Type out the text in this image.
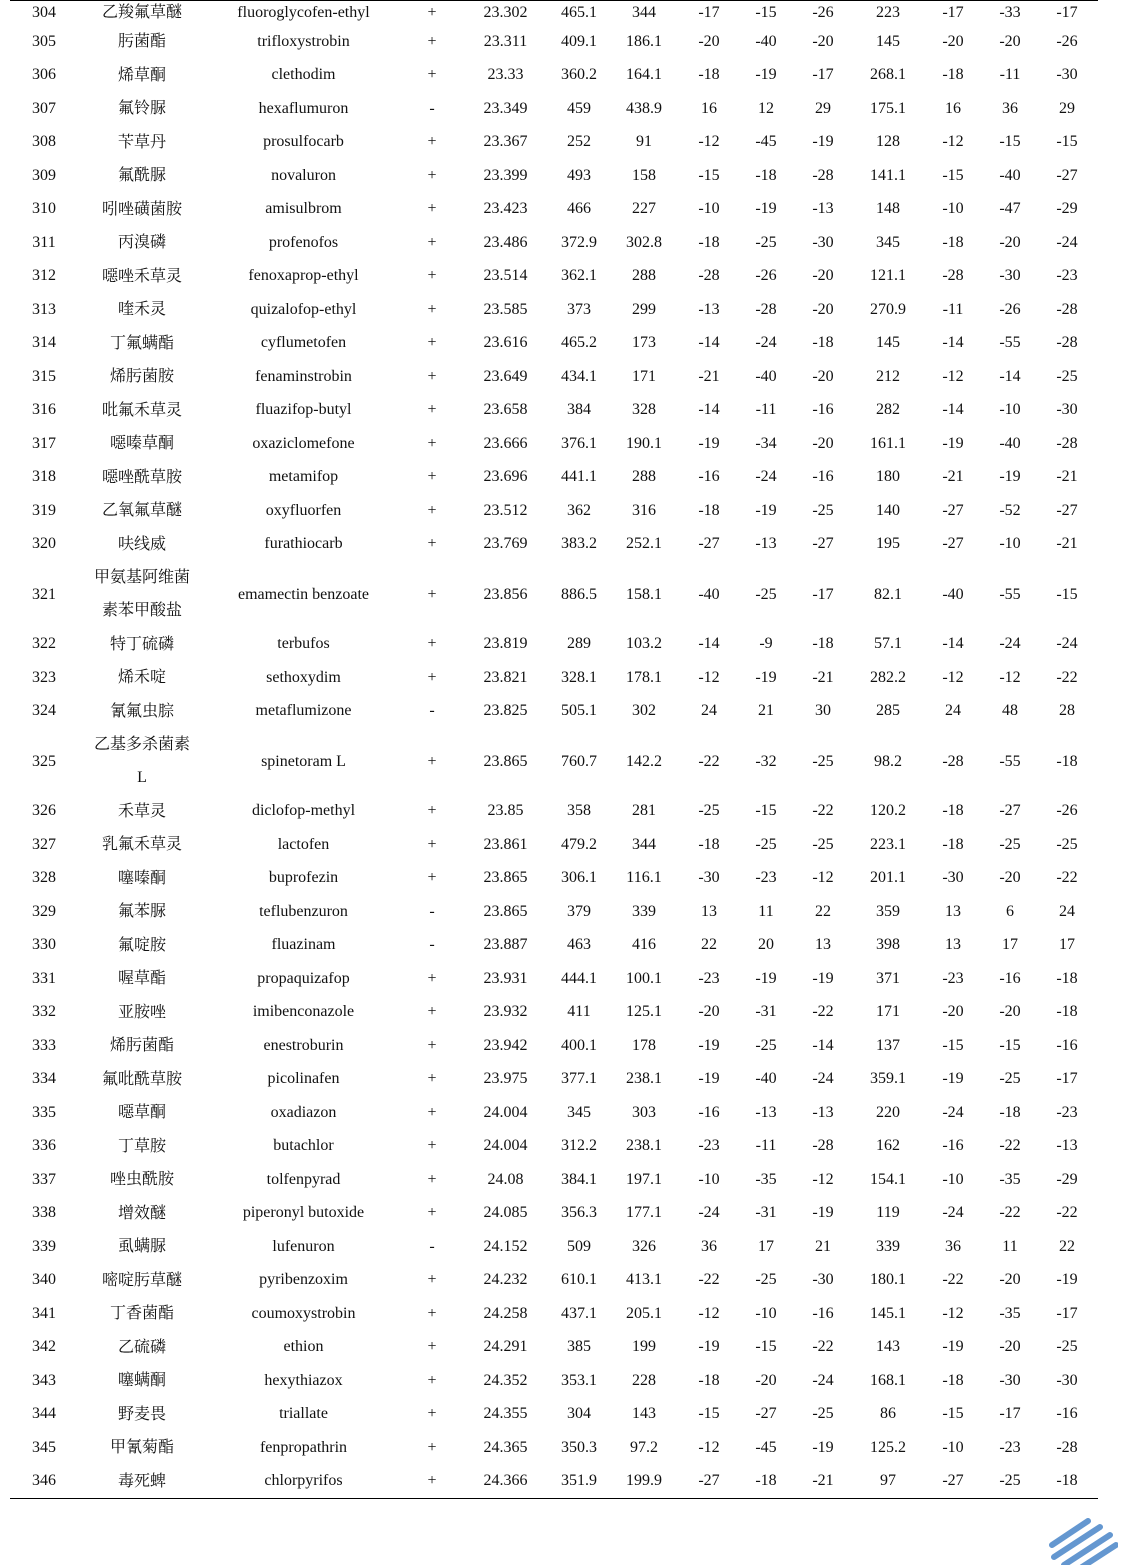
304	乙羧氟草醚	fluoroglycofen-ethyl	+	23.302	465.1	344	-17	-15	-26	223	-17	-33	-17
305	肟菌酯	trifloxystrobin	+	23.311	409.1	186.1	-20	-40	-20	145	-20	-20	-26
306	烯草酮	clethodim	+	23.33	360.2	164.1	-18	-19	-17	268.1	-18	-11	-30
307	氟铃脲	hexaflumuron	-	23.349	459	438.9	16	12	29	175.1	16	36	29
308	苄草丹	prosulfocarb	+	23.367	252	91	-12	-45	-19	128	-12	-15	-15
309	氟酰脲	novaluron	+	23.399	493	158	-15	-18	-28	141.1	-15	-40	-27
310	吲唑磺菌胺	amisulbrom	+	23.423	466	227	-10	-19	-13	148	-10	-47	-29
311	丙溴磷	profenofos	+	23.486	372.9	302.8	-18	-25	-30	345	-18	-20	-24
312	噁唑禾草灵	fenoxaprop-ethyl	+	23.514	362.1	288	-28	-26	-20	121.1	-28	-30	-23
313	喹禾灵	quizalofop-ethyl	+	23.585	373	299	-13	-28	-20	270.9	-11	-26	-28
314	丁氟螨酯	cyflumetofen	+	23.616	465.2	173	-14	-24	-18	145	-14	-55	-28
315	烯肟菌胺	fenaminstrobin	+	23.649	434.1	171	-21	-40	-20	212	-12	-14	-25
316	吡氟禾草灵	fluazifop-butyl	+	23.658	384	328	-14	-11	-16	282	-14	-10	-30
317	噁嗪草酮	oxaziclomefone	+	23.666	376.1	190.1	-19	-34	-20	161.1	-19	-40	-28
318	噁唑酰草胺	metamifop	+	23.696	441.1	288	-16	-24	-16	180	-21	-19	-21
319	乙氧氟草醚	oxyfluorfen	+	23.512	362	316	-18	-19	-25	140	-27	-52	-27
320	呋线威	furathiocarb	+	23.769	383.2	252.1	-27	-13	-27	195	-27	-10	-21
321	甲氨基阿维菌素苯甲酸盐	emamectin benzoate	+	23.856	886.5	158.1	-40	-25	-17	82.1	-40	-55	-15
322	特丁硫磷	terbufos	+	23.819	289	103.2	-14	-9	-18	57.1	-14	-24	-24
323	烯禾啶	sethoxydim	+	23.821	328.1	178.1	-12	-19	-21	282.2	-12	-12	-22
324	氰氟虫腙	metaflumizone	-	23.825	505.1	302	24	21	30	285	24	48	28
325	乙基多杀菌素L	spinetoram L	+	23.865	760.7	142.2	-22	-32	-25	98.2	-28	-55	-18
326	禾草灵	diclofop-methyl	+	23.85	358	281	-25	-15	-22	120.2	-18	-27	-26
327	乳氟禾草灵	lactofen	+	23.861	479.2	344	-18	-25	-25	223.1	-18	-25	-25
328	噻嗪酮	buprofezin	+	23.865	306.1	116.1	-30	-23	-12	201.1	-30	-20	-22
329	氟苯脲	teflubenzuron	-	23.865	379	339	13	11	22	359	13	6	24
330	氟啶胺	fluazinam	-	23.887	463	416	22	20	13	398	13	17	17
331	喔草酯	propaquizafop	+	23.931	444.1	100.1	-23	-19	-19	371	-23	-16	-18
332	亚胺唑	imibenconazole	+	23.932	411	125.1	-20	-31	-22	171	-20	-20	-18
333	烯肟菌酯	enestroburin	+	23.942	400.1	178	-19	-25	-14	137	-15	-15	-16
334	氟吡酰草胺	picolinafen	+	23.975	377.1	238.1	-19	-40	-24	359.1	-19	-25	-17
335	噁草酮	oxadiazon	+	24.004	345	303	-16	-13	-13	220	-24	-18	-23
336	丁草胺	butachlor	+	24.004	312.2	238.1	-23	-11	-28	162	-16	-22	-13
337	唑虫酰胺	tolfenpyrad	+	24.08	384.1	197.1	-10	-35	-12	154.1	-10	-35	-29
338	增效醚	piperonyl butoxide	+	24.085	356.3	177.1	-24	-31	-19	119	-24	-22	-22
339	虱螨脲	lufenuron	-	24.152	509	326	36	17	21	339	36	11	22
340	嘧啶肟草醚	pyribenzoxim	+	24.232	610.1	413.1	-22	-25	-30	180.1	-22	-20	-19
341	丁香菌酯	coumoxystrobin	+	24.258	437.1	205.1	-12	-10	-16	145.1	-12	-35	-17
342	乙硫磷	ethion	+	24.291	385	199	-19	-15	-22	143	-19	-20	-25
343	噻螨酮	hexythiazox	+	24.352	353.1	228	-18	-20	-24	168.1	-18	-30	-30
344	野麦畏	triallate	+	24.355	304	143	-15	-27	-25	86	-15	-17	-16
345	甲氰菊酯	fenpropathrin	+	24.365	350.3	97.2	-12	-45	-19	125.2	-10	-23	-28
346	毒死蜱	chlorpyrifos	+	24.366	351.9	199.9	-27	-18	-21	97	-27	-25	-18
